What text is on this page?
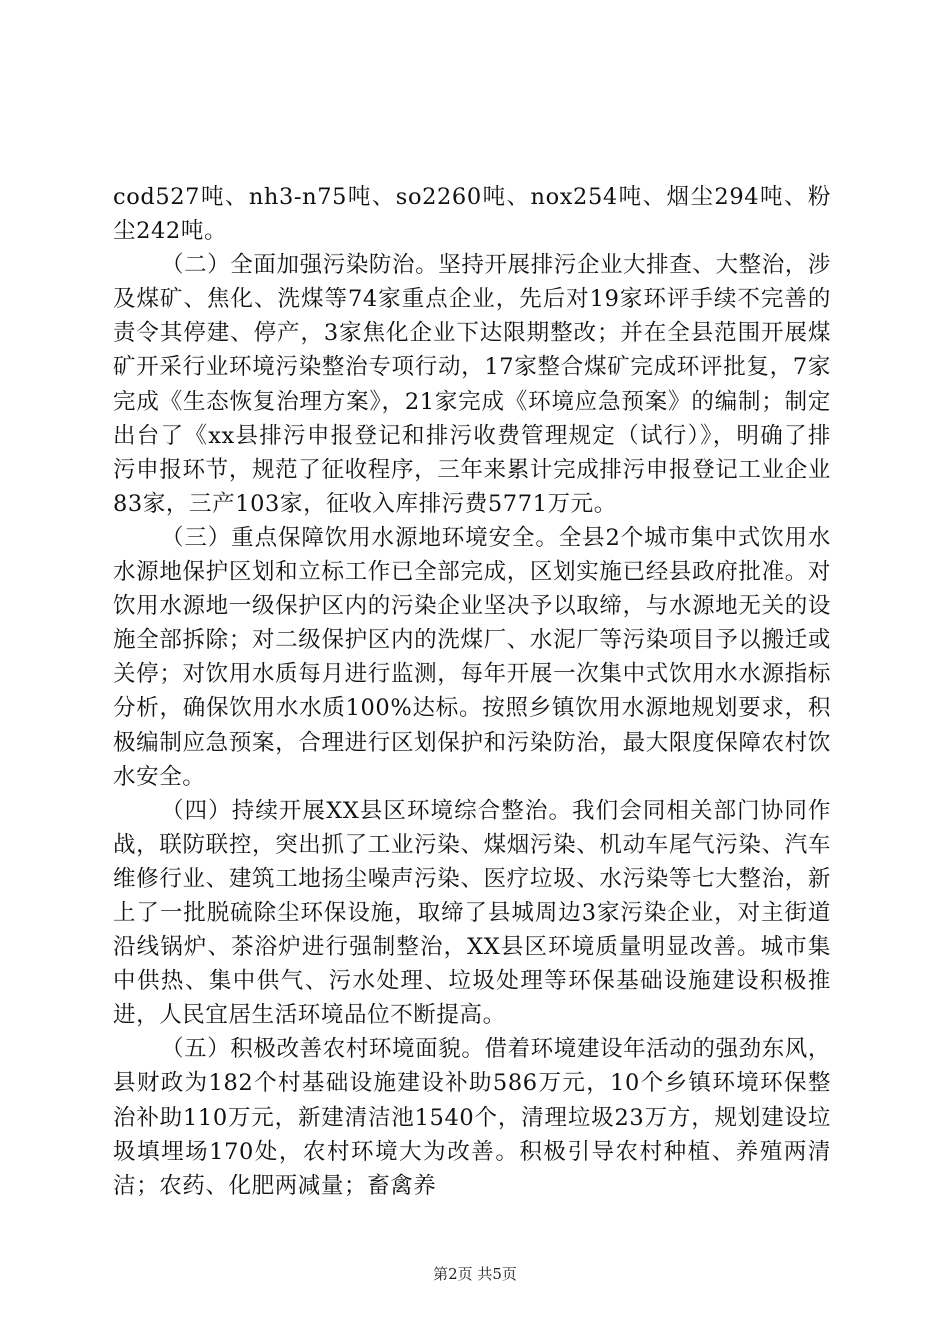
cod527吨、nh3-n75吨、so2260吨、nox254吨、烟尘294吨、粉尘242吨。

（二）全面加强污染防治。坚持开展排污企业大排查、大整治，涉及煤矿、焦化、洗煤等74家重点企业，先后对19家环评手续不完善的责令其停建、停产，3家焦化企业下达限期整改；并在全县范围开展煤矿开采行业环境污染整治专项行动，17家整合煤矿完成环评批复，7家完成《生态恢复治理方案》，21家完成《环境应急预案》的编制；制定出台了《xx县排污申报登记和排污收费管理规定（试行）》，明确了排污申报环节，规范了征收程序，三年来累计完成排污申报登记工业企业83家，三产103家，征收入库排污费5771万元。

（三）重点保障饮用水源地环境安全。全县2个城市集中式饮用水水源地保护区划和立标工作已全部完成，区划实施已经县政府批准。对饮用水源地一级保护区内的污染企业坚决予以取缔，与水源地无关的设施全部拆除；对二级保护区内的洗煤厂、水泥厂等污染项目予以搬迁或关停；对饮用水质每月进行监测，每年开展一次集中式饮用水水源指标分析，确保饮用水水质100%达标。按照乡镇饮用水源地规划要求，积极编制应急预案，合理进行区划保护和污染防治，最大限度保障农村饮水安全。

（四）持续开展XX县区环境综合整治。我们会同相关部门协同作战，联防联控，突出抓了工业污染、煤烟污染、机动车尾气污染、汽车维修行业、建筑工地扬尘噪声污染、医疗垃圾、水污染等七大整治，新上了一批脱硫除尘环保设施，取缔了县城周边3家污染企业，对主街道沿线锅炉、茶浴炉进行强制整治，XX县区环境质量明显改善。城市集中供热、集中供气、污水处理、垃圾处理等环保基础设施建设积极推进，人民宜居生活环境品位不断提高。

（五）积极改善农村环境面貌。借着环境建设年活动的强劲东风，县财政为182个村基础设施建设补助586万元，10个乡镇环境环保整治补助110万元，新建清洁池1540个，清理垃圾23万方，规划建设垃圾填埋场170处，农村环境大为改善。积极引导农村种植、养殖两清洁；农药、化肥两减量；畜禽养

第2页 共5页
